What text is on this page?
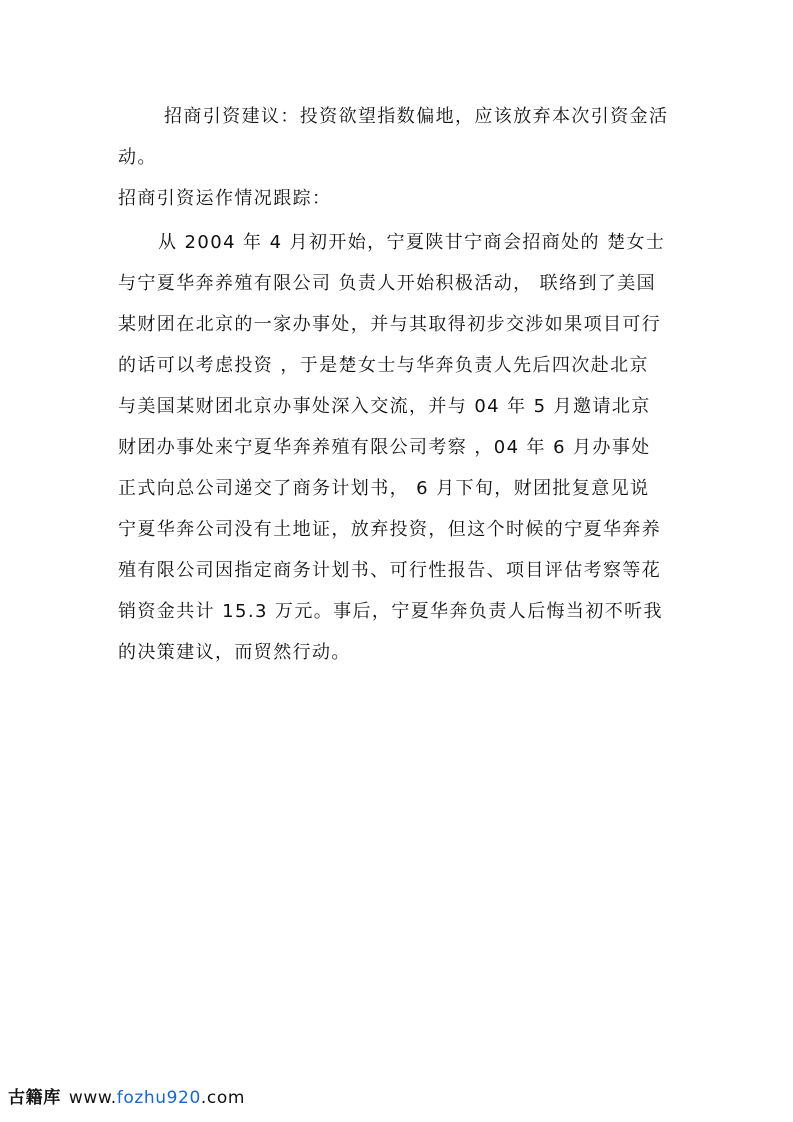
招商引资建议：投资欲望指数偏地，应该放弃本次引资金活
动。
招商引资运作情况跟踪：
从 2004 年 4 月初开始，宁夏陕甘宁商会招商处的 楚女士
与宁夏华奔养殖有限公司 负责人开始积极活动， 联络到了美国
某财团在北京的一家办事处，并与其取得初步交涉如果项目可行
的话可以考虑投资 ，于是楚女士与华奔负责人先后四次赴北京
与美国某财团北京办事处深入交流，并与 04 年 5 月邀请北京
财团办事处来宁夏华奔养殖有限公司考察 ，04 年 6 月办事处
正式向总公司递交了商务计划书， 6 月下旬，财团批复意见说
宁夏华奔公司没有土地证，放弃投资，但这个时候的宁夏华奔养
殖有限公司因指定商务计划书、可行性报告、项目评估考察等花
销资金共计 15.3 万元。事后，宁夏华奔负责人后悔当初不听我
的决策建议，而贸然行动。
古籍库 www.fozhu920.com
